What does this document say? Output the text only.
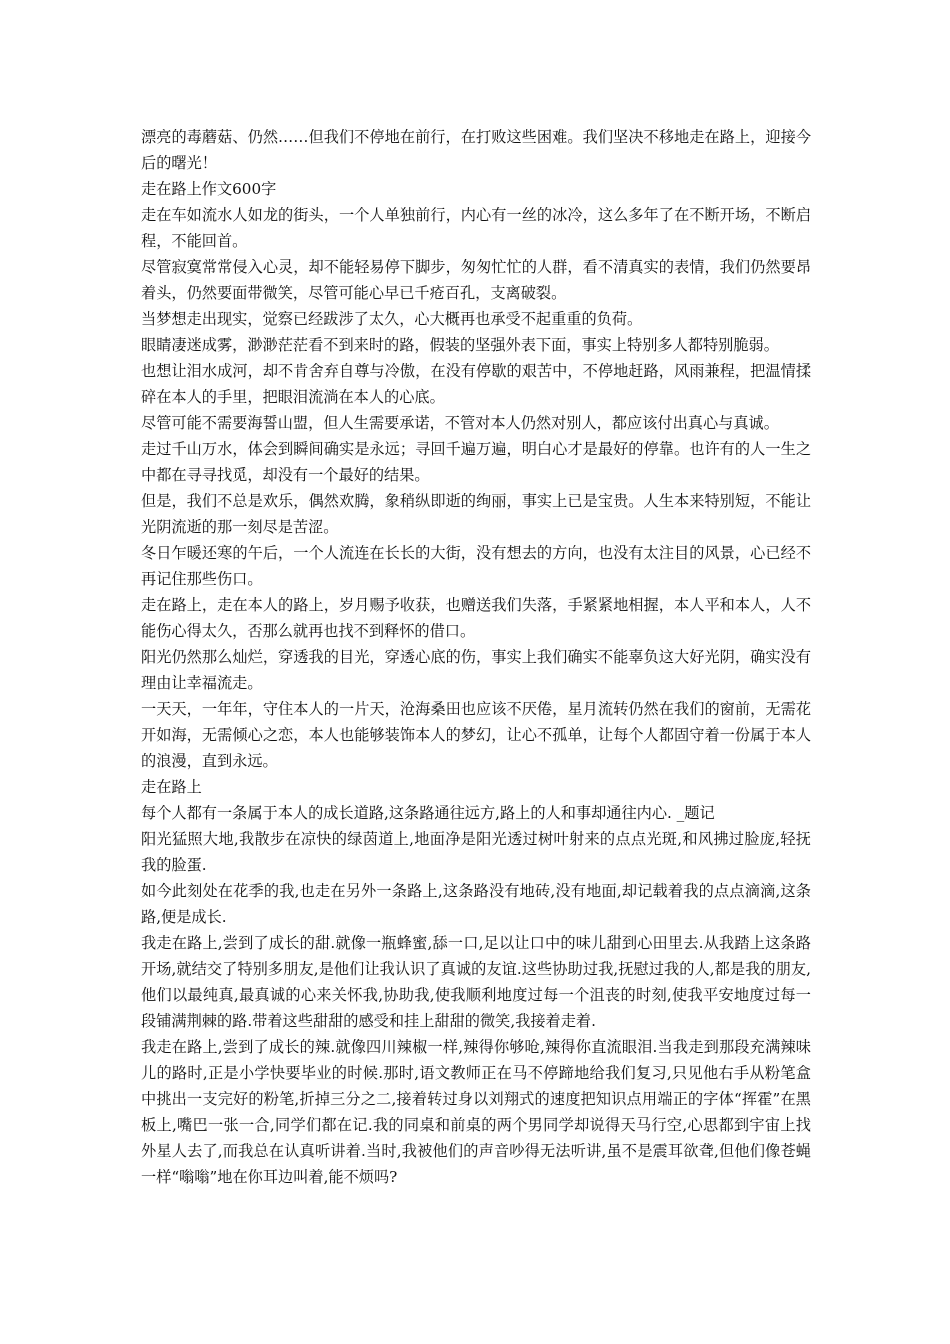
漂亮的毒蘑菇、仍然……但我们不停地在前行，在打败这些困难。我们坚决不移地走在路上，迎接今后的曙光！

走在路上作文600字

走在车如流水人如龙的街头，一个人单独前行，内心有一丝的冰冷，这么多年了在不断开场，不断启程，不能回首。

尽管寂寞常常侵入心灵，却不能轻易停下脚步，匆匆忙忙的人群，看不清真实的表情，我们仍然要昂着头，仍然要面带微笑，尽管可能心早已千疮百孔，支离破裂。

当梦想走出现实，觉察已经跋涉了太久，心大概再也承受不起重重的负荷。

眼睛凄迷成雾，渺渺茫茫看不到来时的路，假装的坚强外表下面，事实上特别多人都特别脆弱。

也想让泪水成河，却不肯舍弃自尊与冷傲，在没有停歇的艰苦中，不停地赶路，风雨兼程，把温情揉碎在本人的手里，把眼泪流淌在本人的心底。

尽管可能不需要海誓山盟，但人生需要承诺，不管对本人仍然对别人，都应该付出真心与真诚。

走过千山万水，体会到瞬间确实是永远；寻回千遍万遍，明白心才是最好的停靠。也许有的人一生之中都在寻寻找觅，却没有一个最好的结果。

但是，我们不总是欢乐，偶然欢腾，象稍纵即逝的绚丽，事实上已是宝贵。人生本来特别短，不能让光阴流逝的那一刻尽是苦涩。

冬日乍暖还寒的午后，一个人流连在长长的大街，没有想去的方向，也没有太注目的风景，心已经不再记住那些伤口。

走在路上，走在本人的路上，岁月赐予收获，也赠送我们失落，手紧紧地相握，本人平和本人，人不能伤心得太久，否那么就再也找不到释怀的借口。

阳光仍然那么灿烂，穿透我的目光，穿透心底的伤，事实上我们确实不能辜负这大好光阴，确实没有理由让幸福流走。

一天天，一年年，守住本人的一片天，沧海桑田也应该不厌倦，星月流转仍然在我们的窗前，无需花开如海，无需倾心之恋，本人也能够装饰本人的梦幻，让心不孤单，让每个人都固守着一份属于本人的浪漫，直到永远。

走在路上

每个人都有一条属于本人的成长道路,这条路通往远方,路上的人和事却通往内心. _题记

阳光猛照大地,我散步在凉快的绿茵道上,地面净是阳光透过树叶射来的点点光斑,和风拂过脸庞,轻抚我的脸蛋.

如今此刻处在花季的我,也走在另外一条路上,这条路没有地砖,没有地面,却记载着我的点点滴滴,这条路,便是成长.

我走在路上,尝到了成长的甜.就像一瓶蜂蜜,舔一口,足以让口中的味儿甜到心田里去.从我踏上这条路开场,就结交了特别多朋友,是他们让我认识了真诚的友谊.这些协助过我,抚慰过我的人,都是我的朋友,他们以最纯真,最真诚的心来关怀我,协助我,使我顺利地度过每一个沮丧的时刻,使我平安地度过每一段铺满荆棘的路.带着这些甜甜的感受和挂上甜甜的微笑,我接着走着.

我走在路上,尝到了成长的辣.就像四川辣椒一样,辣得你够呛,辣得你直流眼泪.当我走到那段充满辣味儿的路时,正是小学快要毕业的时候.那时,语文教师正在马不停蹄地给我们复习,只见他右手从粉笔盒中挑出一支完好的粉笔,折掉三分之二,接着转过身以刘翔式的速度把知识点用端正的字体“挥霍”在黑板上,嘴巴一张一合,同学们都在记.我的同桌和前桌的两个男同学却说得天马行空,心思都到宇宙上找外星人去了,而我总在认真听讲着.当时,我被他们的声音吵得无法听讲,虽不是震耳欲聋,但他们像苍蝇一样“嗡嗡”地在你耳边叫着,能不烦吗?
